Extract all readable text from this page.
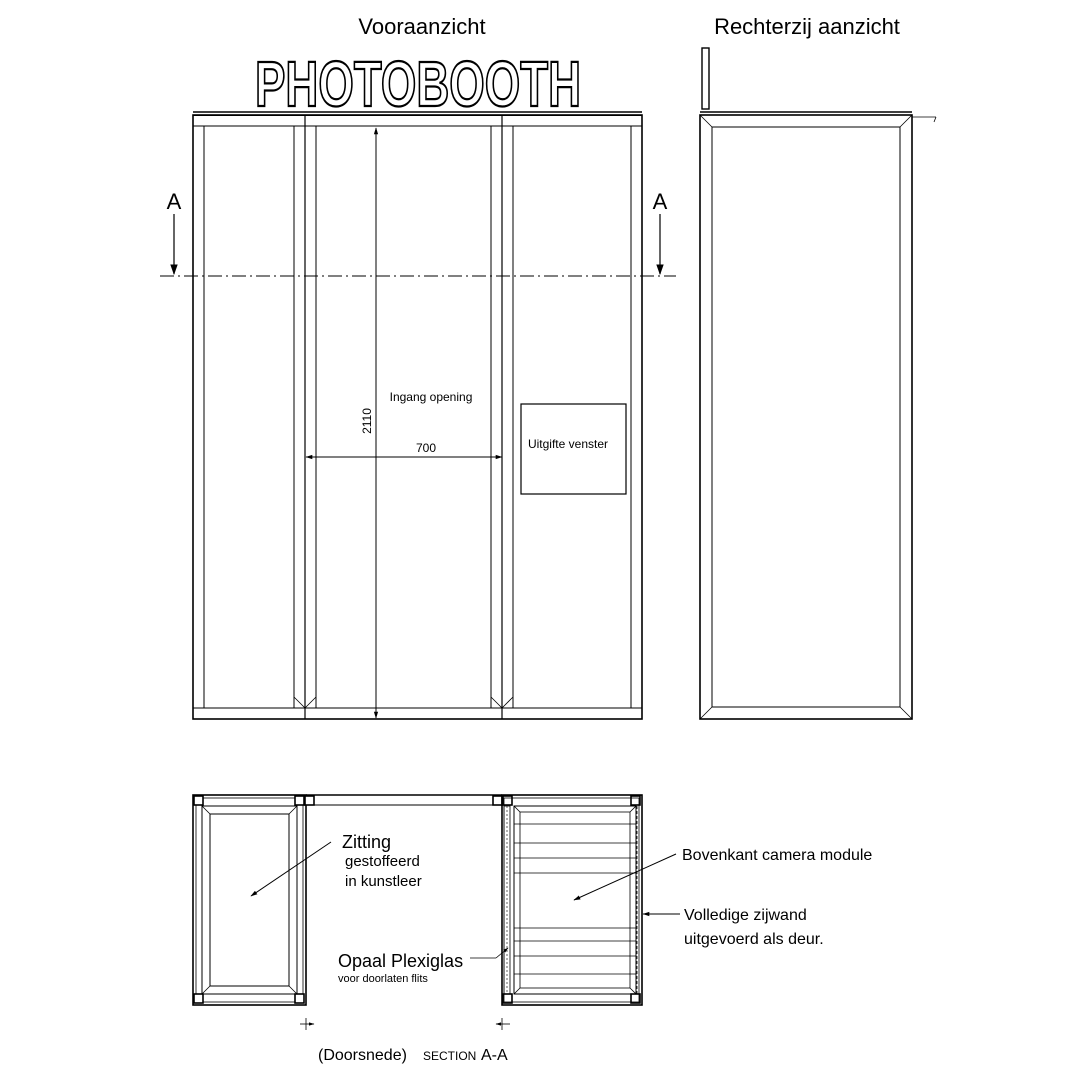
Vooraanzicht
PHOTOBOOTH
A	A
2110
700
Ingang opening
Uitgifte venster
Rechterzij aanzicht
Zitting
gestoffeerd
in kunstleer
Opaal Plexiglas
voor doorlaten flits
Bovenkant camera module
Volledige zijwand
uitgevoerd als deur.
(Doorsnede) SECTION A-A
